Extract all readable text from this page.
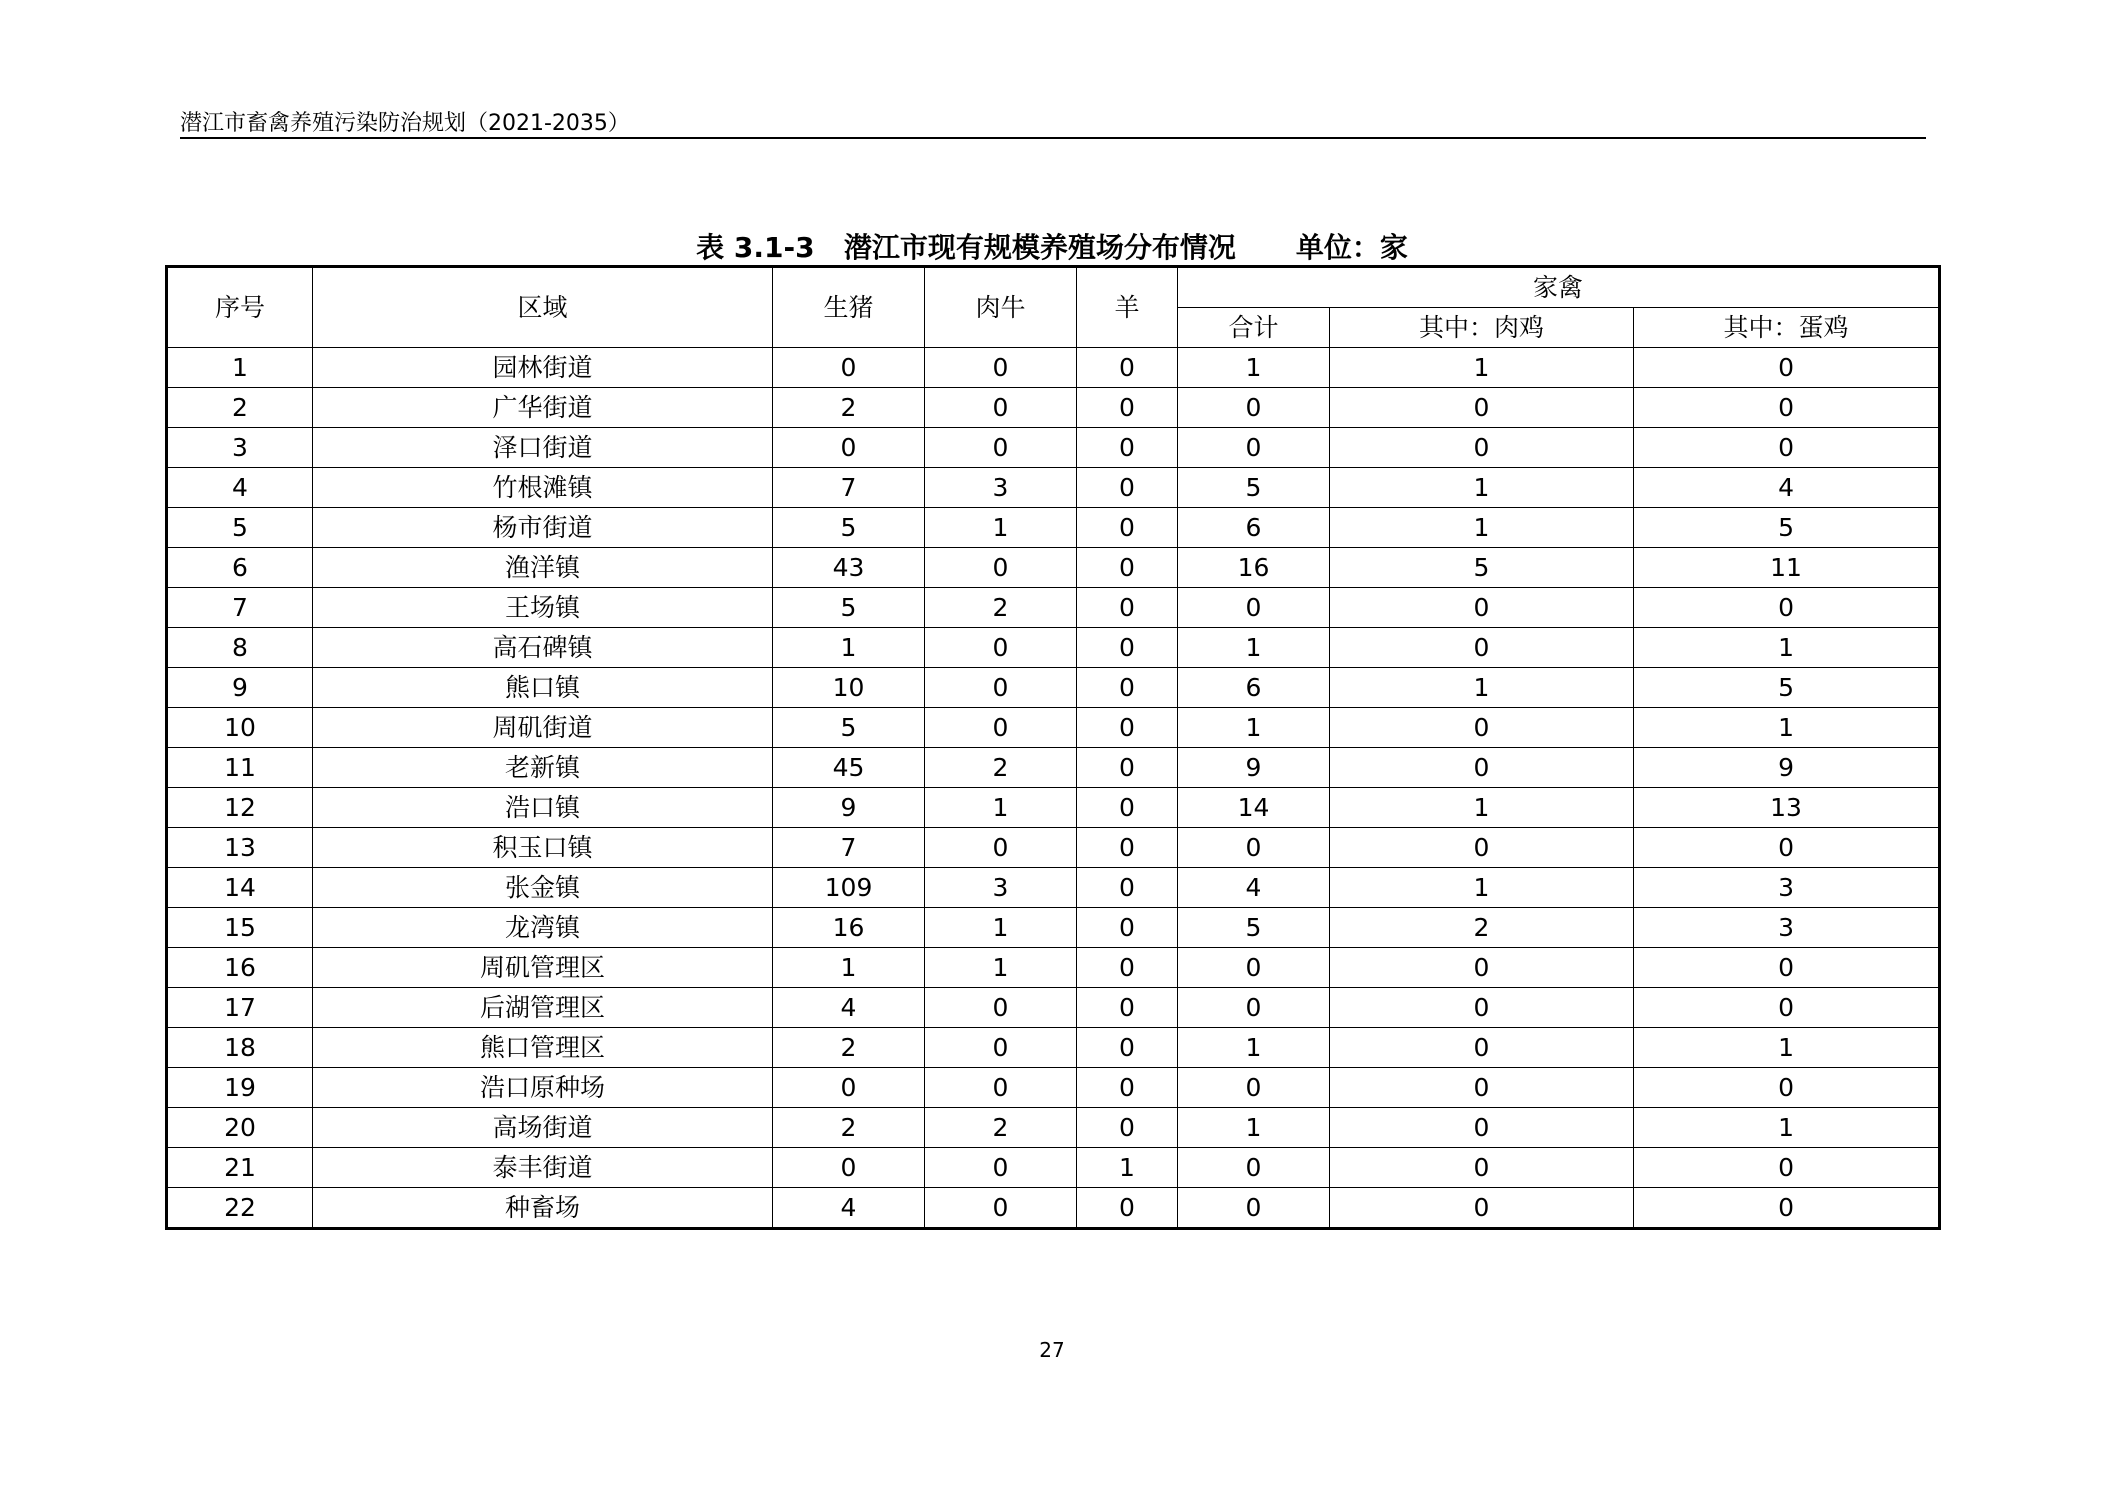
潜江市畜禽养殖污染防治规划（2021-2035）
表 3.1-3 潜江市现有规模养殖场分布情况 单位：家
序号	区域	生猪	肉牛	羊	家禽		
					合计	其中：肉鸡	其中：蛋鸡
1	园林街道	0	0	0	1	1	0
2	广华街道	2	0	0	0	0	0
3	泽口街道	0	0	0	0	0	0
4	竹根滩镇	7	3	0	5	1	4
5	杨市街道	5	1	0	6	1	5
6	渔洋镇	43	0	0	16	5	11
7	王场镇	5	2	0	0	0	0
8	高石碑镇	1	0	0	1	0	1
9	熊口镇	10	0	0	6	1	5
10	周矶街道	5	0	0	1	0	1
11	老新镇	45	2	0	9	0	9
12	浩口镇	9	1	0	14	1	13
13	积玉口镇	7	0	0	0	0	0
14	张金镇	109	3	0	4	1	3
15	龙湾镇	16	1	0	5	2	3
16	周矶管理区	1	1	0	0	0	0
17	后湖管理区	4	0	0	0	0	0
18	熊口管理区	2	0	0	1	0	1
19	浩口原种场	0	0	0	0	0	0
20	高场街道	2	2	0	1	0	1
21	泰丰街道	0	0	1	0	0	0
22	种畜场	4	0	0	0	0	0
27
